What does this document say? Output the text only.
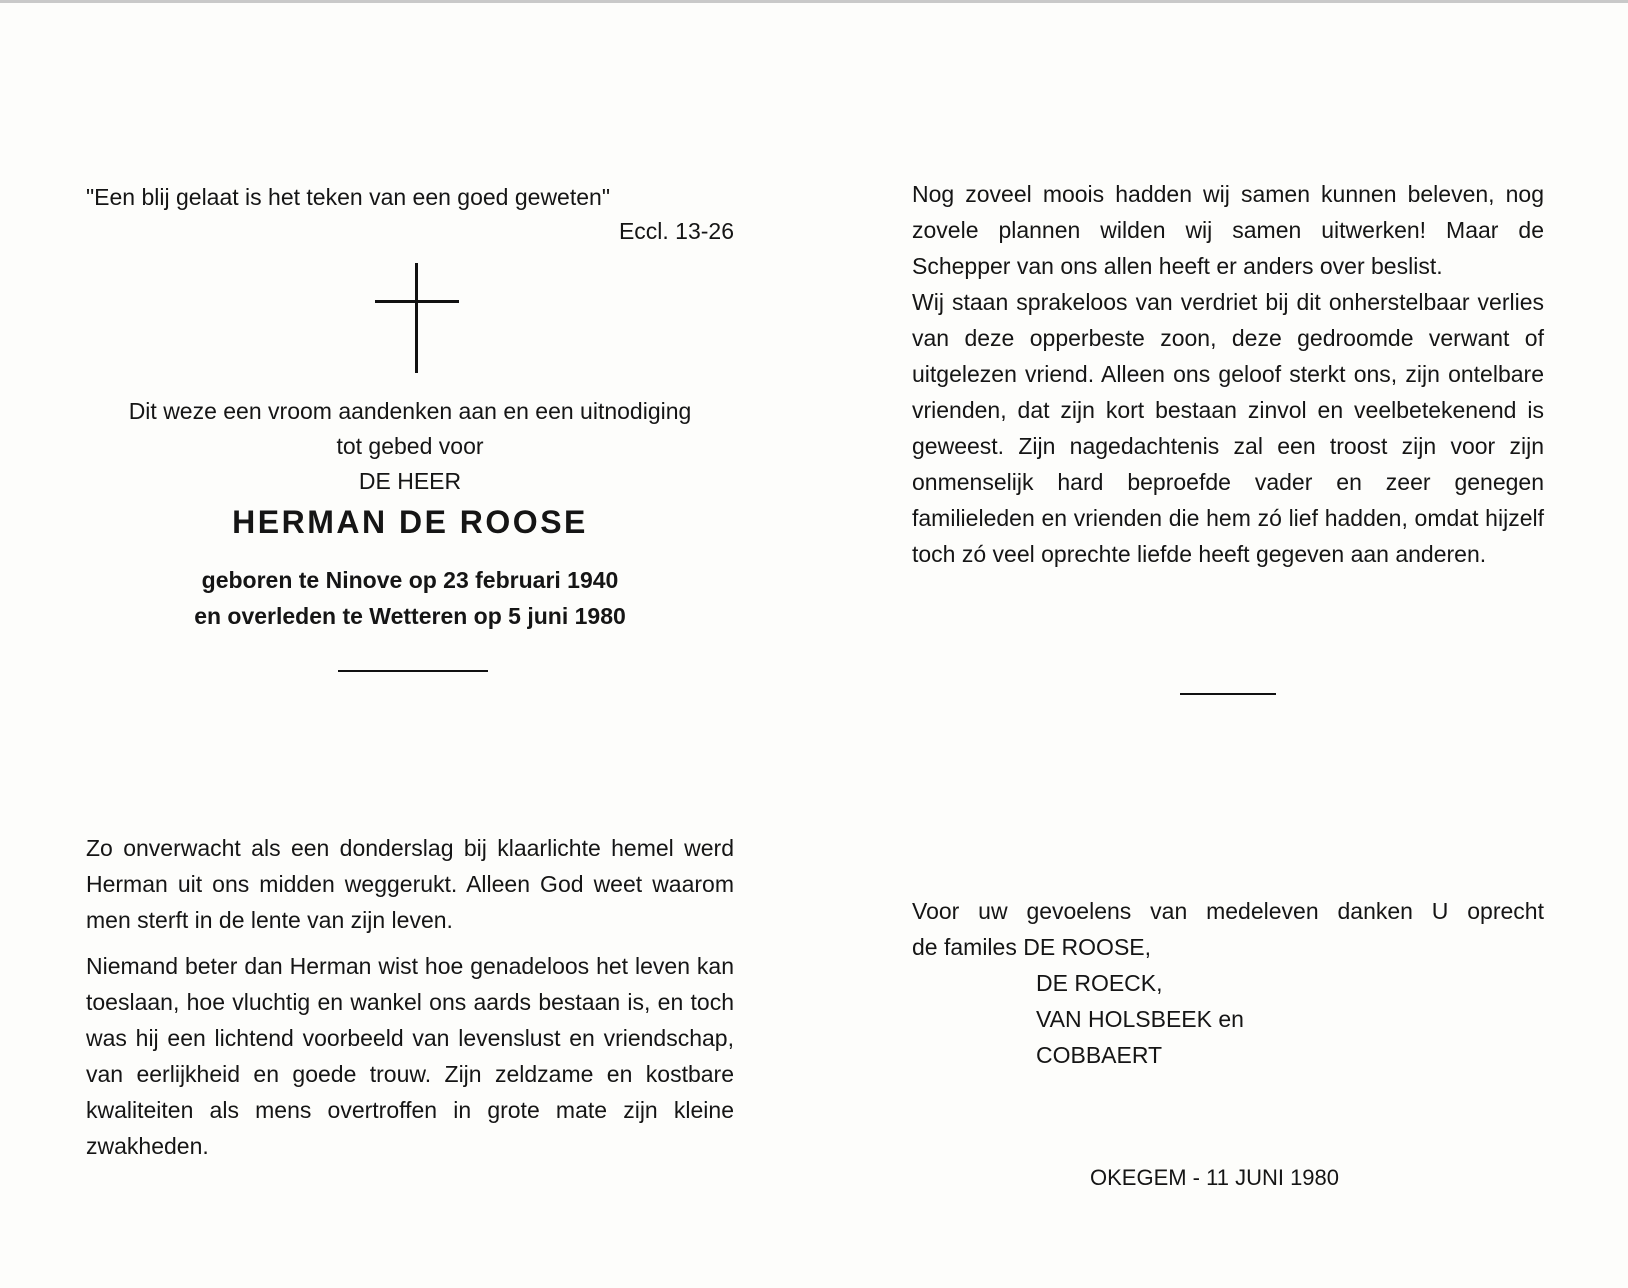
"Een blij gelaat is het teken van een goed geweten"
Eccl. 13-26
Dit weze een vroom aandenken aan en een uitnodiging
tot gebed voor
DE HEER
HERMAN DE ROOSE
geboren te Ninove op 23 februari 1940
en overleden te Wetteren op 5 juni 1980

Zo onverwacht als een donderslag bij klaarlichte hemel werd Herman uit ons midden weggerukt. Alleen God weet waarom men sterft in de lente van zijn leven.

Niemand beter dan Herman wist hoe genadeloos het leven kan toeslaan, hoe vluchtig en wankel ons aards bestaan is, en toch was hij een lichtend voorbeeld van levenslust en vriendschap, van eerlijkheid en goede trouw. Zijn zeldzame en kostbare kwaliteiten als mens overtroffen in grote mate zijn kleine zwakheden.

Nog zoveel moois hadden wij samen kunnen beleven, nog zovele plannen wilden wij samen uitwerken! Maar de Schepper van ons allen heeft er anders over beslist.

Wij staan sprakeloos van verdriet bij dit onherstelbaar verlies van deze opperbeste zoon, deze gedroomde verwant of uitgelezen vriend. Alleen ons geloof sterkt ons, zijn ontelbare vrienden, dat zijn kort bestaan zinvol en veelbetekenend is geweest. Zijn nagedachtenis zal een troost zijn voor zijn onmenselijk hard beproefde vader en zeer genegen familieleden en vrienden die hem zó lief hadden, omdat hijzelf toch zó veel oprechte liefde heeft gegeven aan anderen.

Voor uw gevoelens van medeleven danken U oprecht
de familes DE ROOSE,
DE ROECK,
VAN HOLSBEEK en
COBBAERT
OKEGEM - 11 JUNI 1980
